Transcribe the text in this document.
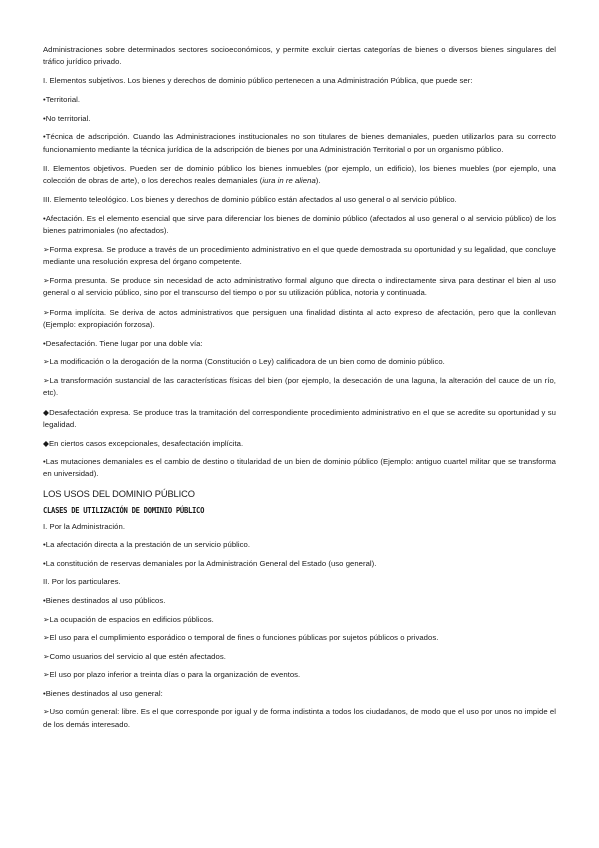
Administraciones sobre determinados sectores socioeconómicos, y permite excluir ciertas categorías de bienes o diversos bienes singulares del tráfico jurídico privado.

I. Elementos subjetivos. Los bienes y derechos de dominio público pertenecen a una Administración Pública, que puede ser:

•Territorial.

•No territorial.

•Técnica de adscripción. Cuando las Administraciones institucionales no son titulares de bienes demaniales, pueden utilizarlos para su correcto funcionamiento mediante la técnica jurídica de la adscripción de bienes por una Administración Territorial o por un organismo público.

II. Elementos objetivos. Pueden ser de dominio público los bienes inmuebles (por ejemplo, un edificio), los bienes muebles (por ejemplo, una colección de obras de arte), o los derechos reales demaniales (iura in re aliena).

III. Elemento teleológico. Los bienes y derechos de dominio público están afectados al uso general o al servicio público.

•Afectación. Es el elemento esencial que sirve para diferenciar los bienes de dominio público (afectados al uso general o al servicio público) de los bienes patrimoniales (no afectados).

➢Forma expresa. Se produce a través de un procedimiento administrativo en el que quede demostrada su oportunidad y su legalidad, que concluye mediante una resolución expresa del órgano competente.

➢Forma presunta. Se produce sin necesidad de acto administrativo formal alguno que directa o indirectamente sirva para destinar el bien al uso general o al servicio público, sino por el transcurso del tiempo o por su utilización pública, notoria y continuada.

➢Forma implícita. Se deriva de actos administrativos que persiguen una finalidad distinta al acto expreso de afectación, pero que la conllevan (Ejemplo: expropiación forzosa).

•Desafectación. Tiene lugar por una doble vía:

➢La modificación o la derogación de la norma (Constitución o Ley) calificadora de un bien como de dominio público.

➢La transformación sustancial de las características físicas del bien (por ejemplo, la desecación de una laguna, la alteración del cauce de un río, etc).

◆Desafectación expresa. Se produce tras la tramitación del correspondiente procedimiento administrativo en el que se acredite su oportunidad y su legalidad.

◆En ciertos casos excepcionales, desafectación implícita.

•Las mutaciones demaniales es el cambio de destino o titularidad de un bien de dominio público (Ejemplo: antiguo cuartel militar que se transforma en universidad).

LOS USOS DEL DOMINIO PÚBLICO
CLASES DE UTILIZACIÓN DE DOMINIO PÚBLICO

I. Por la Administración.

•La afectación directa a la prestación de un servicio público.

•La constitución de reservas demaniales por la Administración General del Estado (uso general).

II. Por los particulares.

•Bienes destinados al uso públicos.

➢La ocupación de espacios en edificios públicos.

➢El uso para el cumplimiento esporádico o temporal de fines o funciones públicas por sujetos públicos o privados.

➢Como usuarios del servicio al que estén afectados.

➢El uso por plazo inferior a treinta días o para la organización de eventos.

•Bienes destinados al uso general:

➢Uso común general: libre. Es el que corresponde por igual y de forma indistinta a todos los ciudadanos, de modo que el uso por unos no impide el de los demás interesado.
